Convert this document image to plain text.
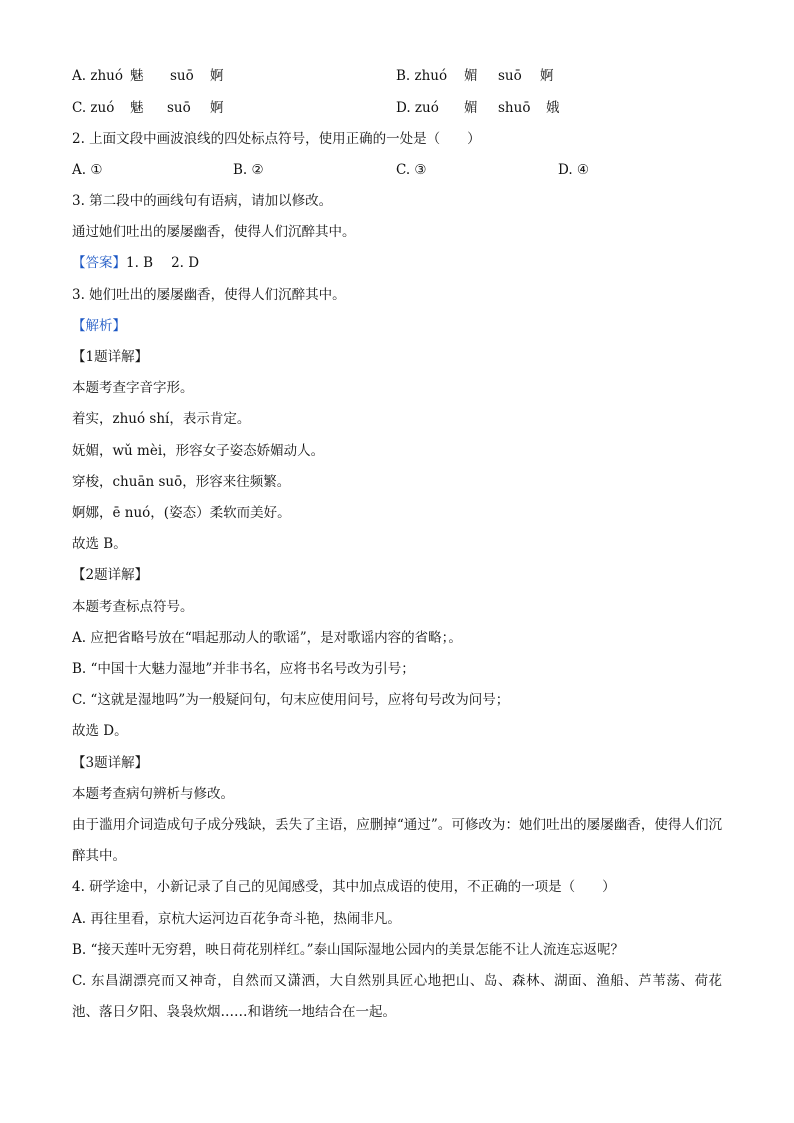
A. zhuó 魅 suō 婀	B. zhuó 媚 suō 婀
C. zuó 魅 suō 婀	D. zuó 媚 shuō 娥
2. 上面文段中画波浪线的四处标点符号，使用正确的一处是（　　）
A. ①	B. ②	C. ③	D. ④
3. 第二段中的画线句有语病，请加以修改。
通过她们吐出的屡屡幽香，使得人们沉醉其中。
【答案】1. B 2. D
3. 她们吐出的屡屡幽香，使得人们沉醉其中。
【解析】
【1题详解】
本题考查字音字形。
着实，zhuó shí，表示肯定。
妩媚，wǔ mèi，形容女子姿态娇媚动人。
穿梭，chuān suō，形容来往频繁。
婀娜，ē nuó，(姿态）柔软而美好。
故选 B。
【2题详解】
本题考查标点符号。
A. 应把省略号放在“唱起那动人的歌谣”，是对歌谣内容的省略；。
B. “中国十大魅力湿地”并非书名，应将书名号改为引号；
C. “这就是湿地吗”为一般疑问句，句末应使用问号，应将句号改为问号；
故选 D。
【3题详解】
本题考查病句辨析与修改。
由于滥用介词造成句子成分残缺，丢失了主语，应删掉“通过”。可修改为：她们吐出的屡屡幽香，使得人们沉醉其中。
4. 研学途中，小新记录了自己的见闻感受，其中加点成语的使用，不正确的一项是（　　）
A. 再往里看，京杭大运河边百花争奇斗艳，热闹非凡。
B. “接天莲叶无穷碧，映日荷花别样红。”泰山国际湿地公园内的美景怎能不让人流连忘返呢？
C. 东昌湖漂亮而又神奇，自然而又潇洒，大自然别具匠心地把山、岛、森林、湖面、渔船、芦苇荡、荷花池、落日夕阳、袅袅炊烟……和谐统一地结合在一起。
